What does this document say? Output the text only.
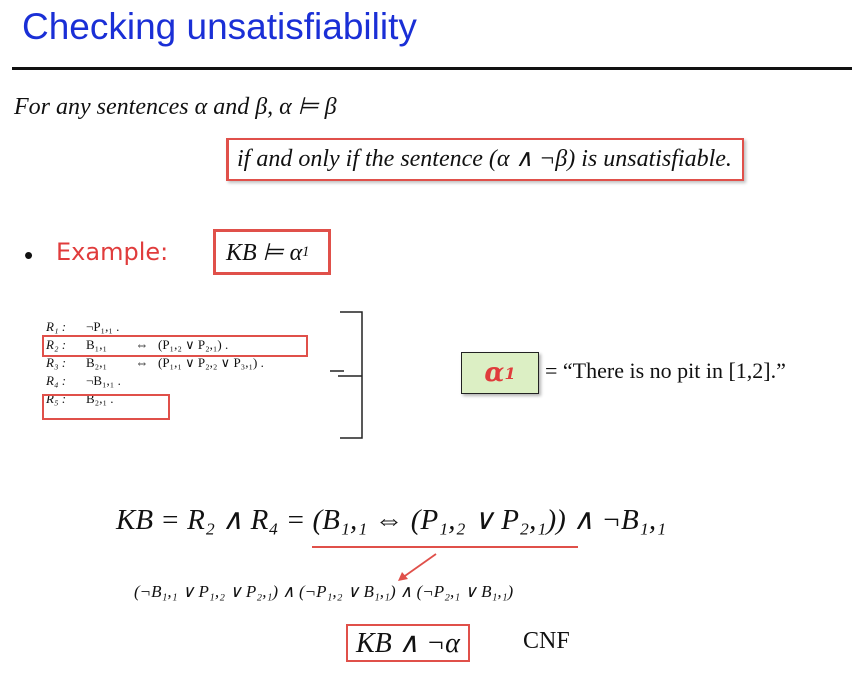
Checking unsatisfiability
For any sentences α and β, α ⊨ β
if and only if the sentence (α ∧ ¬β) is unsatisfiable.
• Example: KB ⊨ α 1
R₁ :	¬P₁,₁ .
R₂ :	B₁,₁	⇔ (P₁,₂ ∨ P₂,₁) .
R₃ :	B₂,₁	⇔ (P₁,₁ ∨ P₂,₂ ∨ P₃,₁) .
R₄ :	¬B₁,₁ .
R₅ :	B₂,₁ .
α 1 = “There is no pit in [1,2].”
KB = R₂ ∧ R₄ = (B₁,₁ ⇔ (P₁,₂ ∨ P₂,₁)) ∧ ¬B₁,₁
(¬B₁,₁ ∨ P₁,₂ ∨ P₂,₁) ∧ (¬P₁,₂ ∨ B₁,₁) ∧ (¬P₂,₁ ∨ B₁,₁)
KB ∧ ¬α	CNF
